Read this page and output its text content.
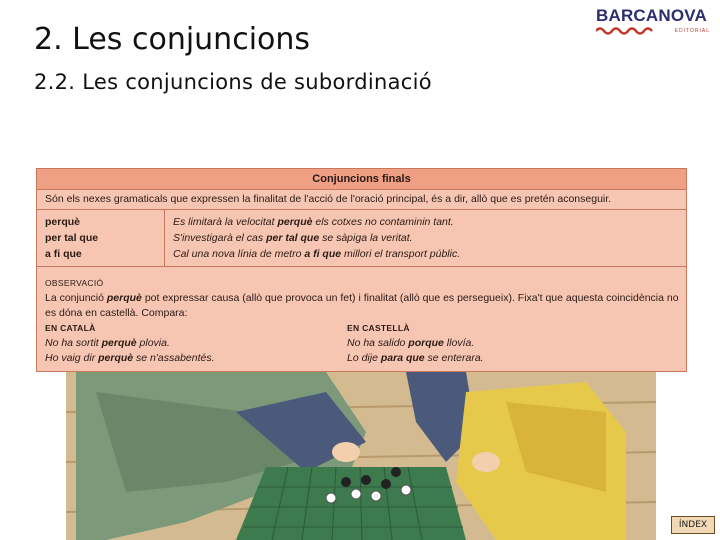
2. Les conjuncions
2.2. Les conjuncions de subordinació
BARCANOVA
EDITORIAL
Conjuncions finals
Són els nexes gramaticals que expressen la finalitat de l'acció de l'oració principal, és a dir, allò que es pretén aconseguir.
perquè
per tal que
a fi que
Es limitarà la velocitat perquè els cotxes no contaminin tant.
S'investigarà el cas per tal que se sàpiga la veritat.
Cal una nova línia de metro a fi que millori el transport públic.
OBSERVACIÓ
La conjunció perquè pot expressar causa (allò que provoca un fet) i finalitat (allò que es persegueix). Fixa't que aquesta coincidència no es dóna en castellà. Compara:
EN CATALÀ
No ha sortit perquè plovia.
Ho vaig dir perquè se n'assabentés.
EN CASTELLÀ
No ha salido porque llovía.
Lo dije para que se enterara.
ÍNDEX
